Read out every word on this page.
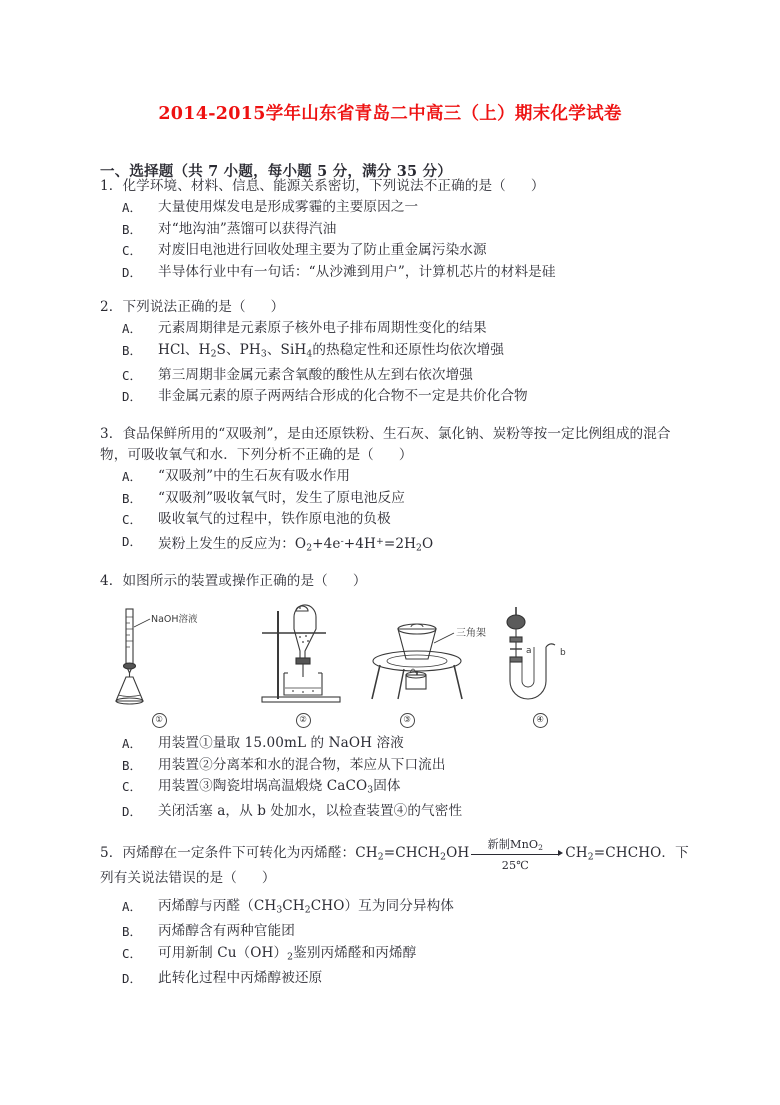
2014-2015学年山东省青岛二中高三（上）期末化学试卷
一、选择题（共 7 小题，每小题 5 分，满分 35 分）
1．化学环境、材料、信息、能源关系密切，下列说法不正确的是（ ）
A．	大量使用煤发电是形成雾霾的主要原因之一
B．	对“地沟油”蒸馏可以获得汽油
C．	对废旧电池进行回收处理主要为了防止重金属污染水源
D．	半导体行业中有一句话：“从沙滩到用户”，计算机芯片的材料是硅
2．下列说法正确的是（ ）
A．	元素周期律是元素原子核外电子排布周期性变化的结果
B．	HCl、$H_2S$、$PH_3$、SiH$_4$的热稳定性和还原性均依次增强
C．	第三周期非金属元素含氧酸的酸性从左到右依次增强
D．	非金属元素的原子两两结合形成的化合物不一定是共价化合物
3．食品保鲜所用的“双吸剂”，是由还原铁粉、生石灰、氯化钠、炭粉等按一定比例组成的混合物，可吸收氧气和水．下列分析不正确的是（ ）
A．	“双吸剂”中的生石灰有吸水作用
B．	“双吸剂”吸收氧气时，发生了原电池反应
C．	吸收氧气的过程中，铁作原电池的负极
D．	炭粉上发生的反应为：$O_2+4e^-+4H^+=2H_2O$
4．如图所示的装置或操作正确的是（ ）
NaOH溶液
①	②
三角架
③
a	b
④
A．	用装置①量取 15.00mL 的 NaOH 溶液
B．	用装置②分离苯和水的混合物，苯应从下口流出
C．	用装置③陶瓷坩埚高温煅烧 CaCO$_3$固体
D．	关闭活塞 a，从 b 处加水，以检查装置④的气密性
5．丙烯醇在一定条件下可转化为丙烯醛：$CH_2=CHCH_2OH$
新制MnO$_2$
25℃
$CH_2=CHCHO$．下列有关说法错误的是（ ）
A．	丙烯醇与丙醛$(CH_3CH_2CHO)$互为同分异构体
B．	丙烯醇含有两种官能团
C．	可用新制 $Cu(OH)_2$鉴别丙烯醛和丙烯醇
D．	此转化过程中丙烯醇被还原
